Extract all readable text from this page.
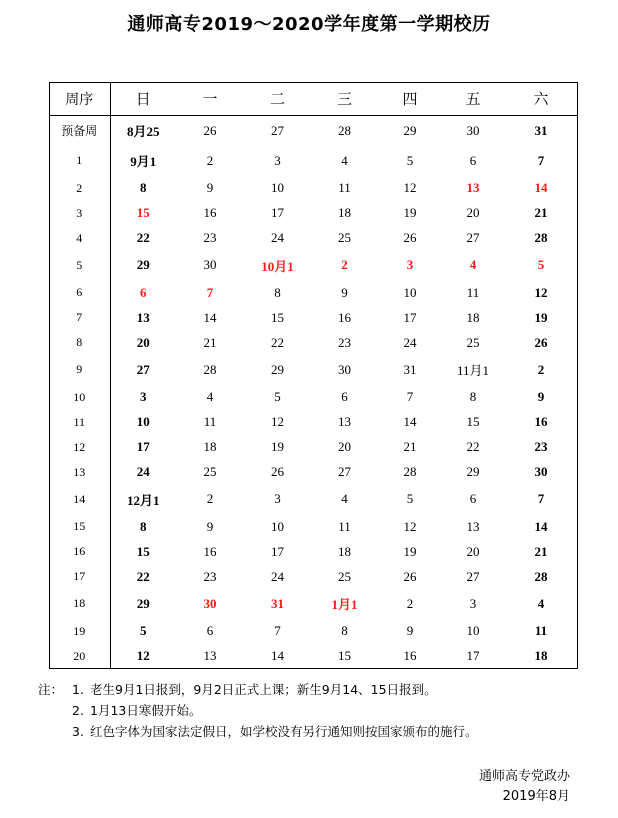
通师高专2019～2020学年度第一学期校历
周序	日	一	二	三	四	五	六
预备周	8月25	26	27	28	29	30	31
1	9月1	2	3	4	5	6	7
2	8	9	10	11	12	13	14
3	15	16	17	18	19	20	21
4	22	23	24	25	26	27	28
5	29	30	10月1	2	3	4	5
6	6	7	8	9	10	11	12
7	13	14	15	16	17	18	19
8	20	21	22	23	24	25	26
9	27	28	29	30	31	11月1	2
10	3	4	5	6	7	8	9
11	10	11	12	13	14	15	16
12	17	18	19	20	21	22	23
13	24	25	26	27	28	29	30
14	12月1	2	3	4	5	6	7
15	8	9	10	11	12	13	14
16	15	16	17	18	19	20	21
17	22	23	24	25	26	27	28
18	29	30	31	1月1	2	3	4
19	5	6	7	8	9	10	11
20	12	13	14	15	16	17	18
注： 1. 老生9月1日报到，9月2日正式上课；新生9月14、15日报到。
2. 1月13日寒假开始。
3. 红色字体为国家法定假日，如学校没有另行通知则按国家颁布的施行。
通师高专党政办
2019年8月
